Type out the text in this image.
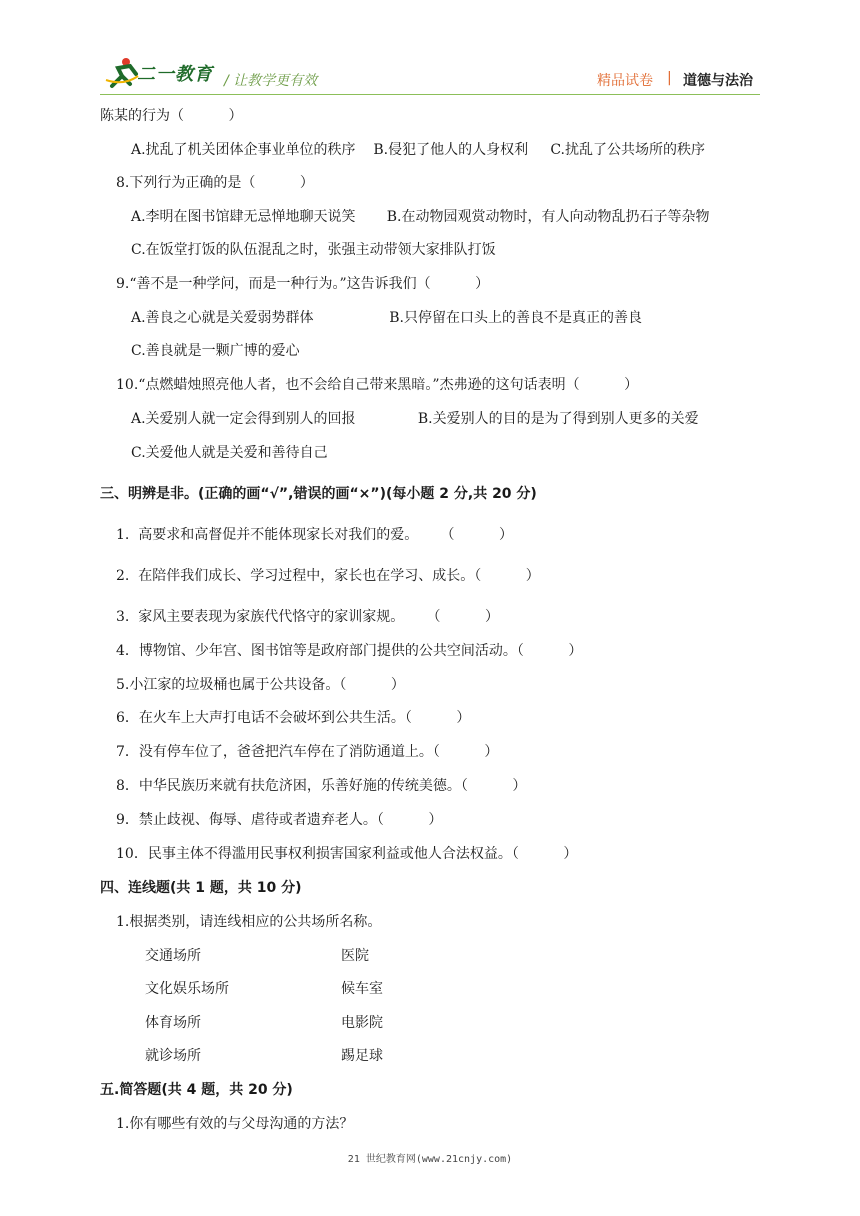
二一教育 / 让教学更有效	精品试卷 | 道德与法治
陈某的行为（          ）
A.扰乱了机关团体企事业单位的秩序    B.侵犯了他人的人身权利     C.扰乱了公共场所的秩序
8.下列行为正确的是（          ）
A.李明在图书馆肆无忌惮地聊天说笑       B.在动物园观赏动物时，有人向动物乱扔石子等杂物
C.在饭堂打饭的队伍混乱之时，张强主动带领大家排队打饭
9.“善不是一种学问，而是一种行为。”这告诉我们（          ）
A.善良之心就是关爱弱势群体                 B.只停留在口头上的善良不是真正的善良
C.善良就是一颗广博的爱心
10.“点燃蜡烛照亮他人者，也不会给自己带来黑暗。”杰弗逊的这句话表明（          ）
A.关爱别人就一定会得到别人的回报              B.关爱别人的目的是为了得到别人更多的关爱
C.关爱他人就是关爱和善待自己
三、明辨是非。(正确的画“√”,错误的画“×”)(每小题 2 分,共 20 分)
1.  高要求和高督促并不能体现家长对我们的爱。     （          ）
2.  在陪伴我们成长、学习过程中，家长也在学习、成长。（          ）
3.  家风主要表现为家族代代恪守的家训家规。     （          ）
4．博物馆、少年宫、图书馆等是政府部门提供的公共空间活动。（          ）
5.小江家的垃圾桶也属于公共设备。（          ）
6．在火车上大声打电话不会破坏到公共生活。（          ）
7．没有停车位了，爸爸把汽车停在了消防通道上。（          ）
8．中华民族历来就有扶危济困，乐善好施的传统美德。（          ）
9．禁止歧视、侮辱、虐待或者遗弃老人。（          ）
10．民事主体不得滥用民事权利损害国家利益或他人合法权益。（          ）
四、连线题(共 1 题，共 10 分)
1.根据类别，请连线相应的公共场所名称。
交通场所	医院
文化娱乐场所	候车室
体育场所	电影院
就诊场所	踢足球
五.简答题(共 4 题，共 20 分)
1.你有哪些有效的与父母沟通的方法？
21 世纪教育网(www.21cnjy.com)
